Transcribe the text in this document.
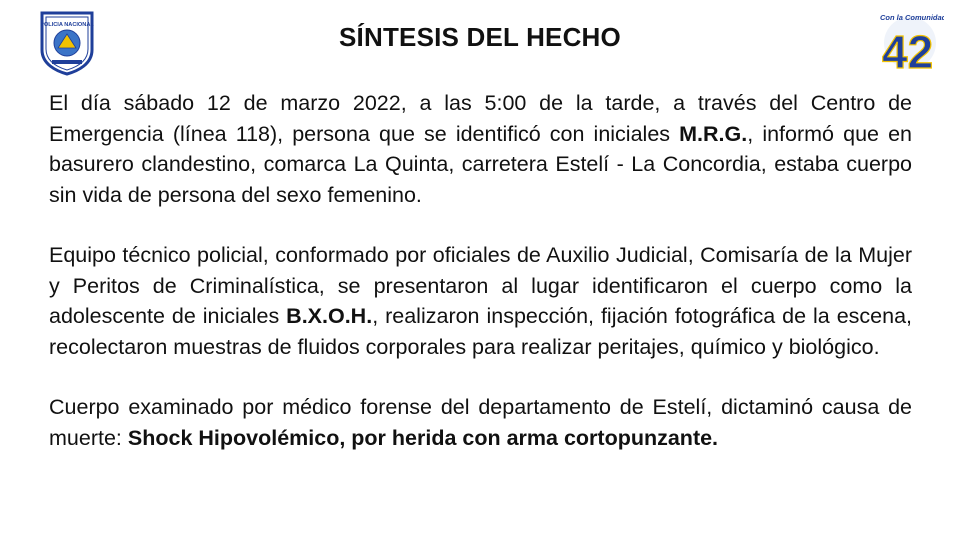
POLICIA NACIONAL	SÍNTESIS DEL HECHO	42
Con la Comunidad

El día sábado 12 de marzo 2022, a las 5:00 de la tarde, a través del Centro de Emergencia (línea 118), persona que se identificó con iniciales M.R.G., informó que en basurero clandestino, comarca La Quinta, carretera Estelí - La Concordia, estaba cuerpo sin vida de persona del sexo femenino.

Equipo técnico policial, conformado por oficiales de Auxilio Judicial, Comisaría de la Mujer y Peritos de Criminalística, se presentaron al lugar identificaron el cuerpo como la adolescente de iniciales B.X.O.H., realizaron inspección, fijación fotográfica de la escena, recolectaron muestras de fluidos corporales para realizar peritajes, químico y biológico.

Cuerpo examinado por médico forense del departamento de Estelí, dictaminó causa de muerte: Shock Hipovolémico, por herida con arma cortopunzante.
